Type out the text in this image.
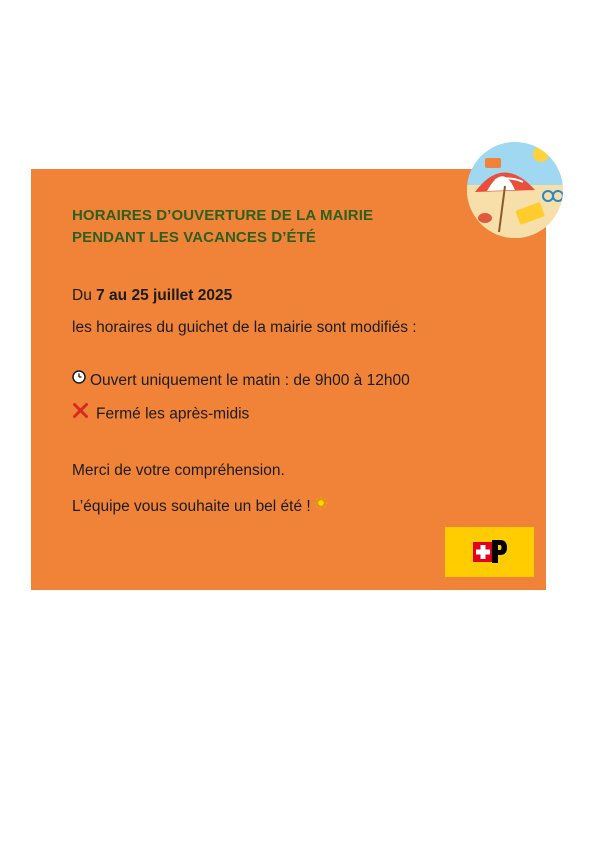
HORAIRES D’OUVERTURE DE LA MAIRIE
PENDANT LES VACANCES D’ÉTÉ
Du 7 au 25 juillet 2025
les horaires du guichet de la mairie sont modifiés :
Ouvert uniquement le matin : de 9h00 à 12h00
Fermé les après-midis
Merci de votre compréhension.
L’équipe vous souhaite un bel été !
